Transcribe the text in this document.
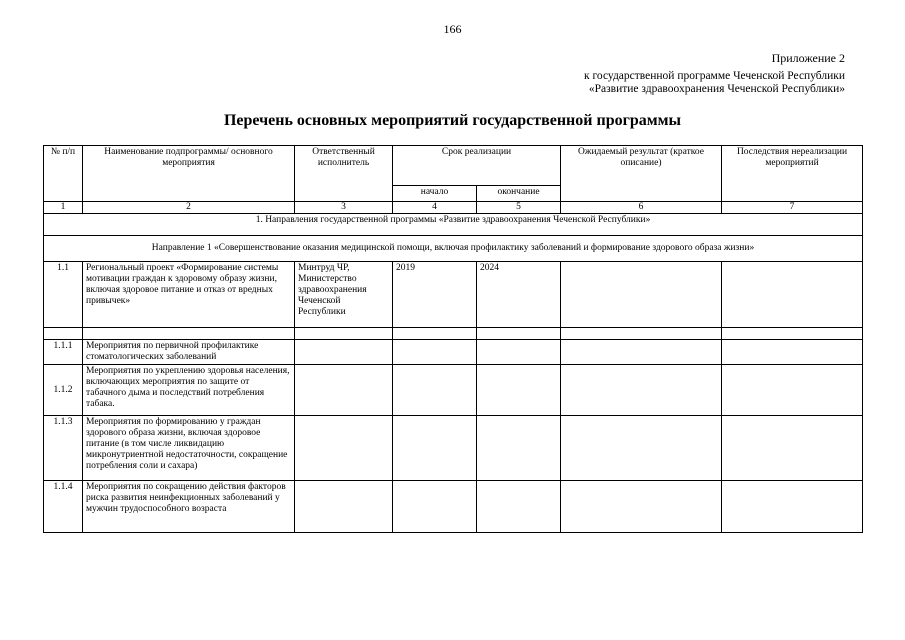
166
Приложение 2
к государственной программе Чеченской Республики
«Развитие здравоохранения Чеченской Республики»
Перечень основных мероприятий государственной программы
№ п/п	Наименование подпрограммы/ основного мероприятия	Ответственный исполнитель	Срок реализации		Ожидаемый результат (краткое описание)	Последствия нереализации мероприятий
			начало	окончание		
1	2	3	4	5	6	7
1. Направления государственной программы «Развитие здравоохранения Чеченской Республики»						
Направление 1 «Совершенствование оказания медицинской помощи, включая профилактику заболеваний и формирование здорового образа жизни»						
1.1	Региональный проект «Формирование системы мотивации граждан к здоровому образу жизни, включая здоровое питание и отказ от вредных привычек»	Минтруд ЧР, Министерство здравоохранения Чеченской Республики	2019	2024		

1.1.1	Мероприятия по первичной профилактике стоматологических заболеваний					
1.1.2	Мероприятия по укреплению здоровья населения, включающих мероприятия по защите от табачного дыма и последствий потребления табака.					
1.1.3	Мероприятия по формированию у граждан здорового образа жизни, включая здоровое питание (в том числе ликвидацию микронутриентной недостаточности, сокращение потребления соли и сахара)					
1.1.4	Мероприятия по сокращению действия факторов риска развития неинфекционных заболеваний у мужчин трудоспособного возраста					
